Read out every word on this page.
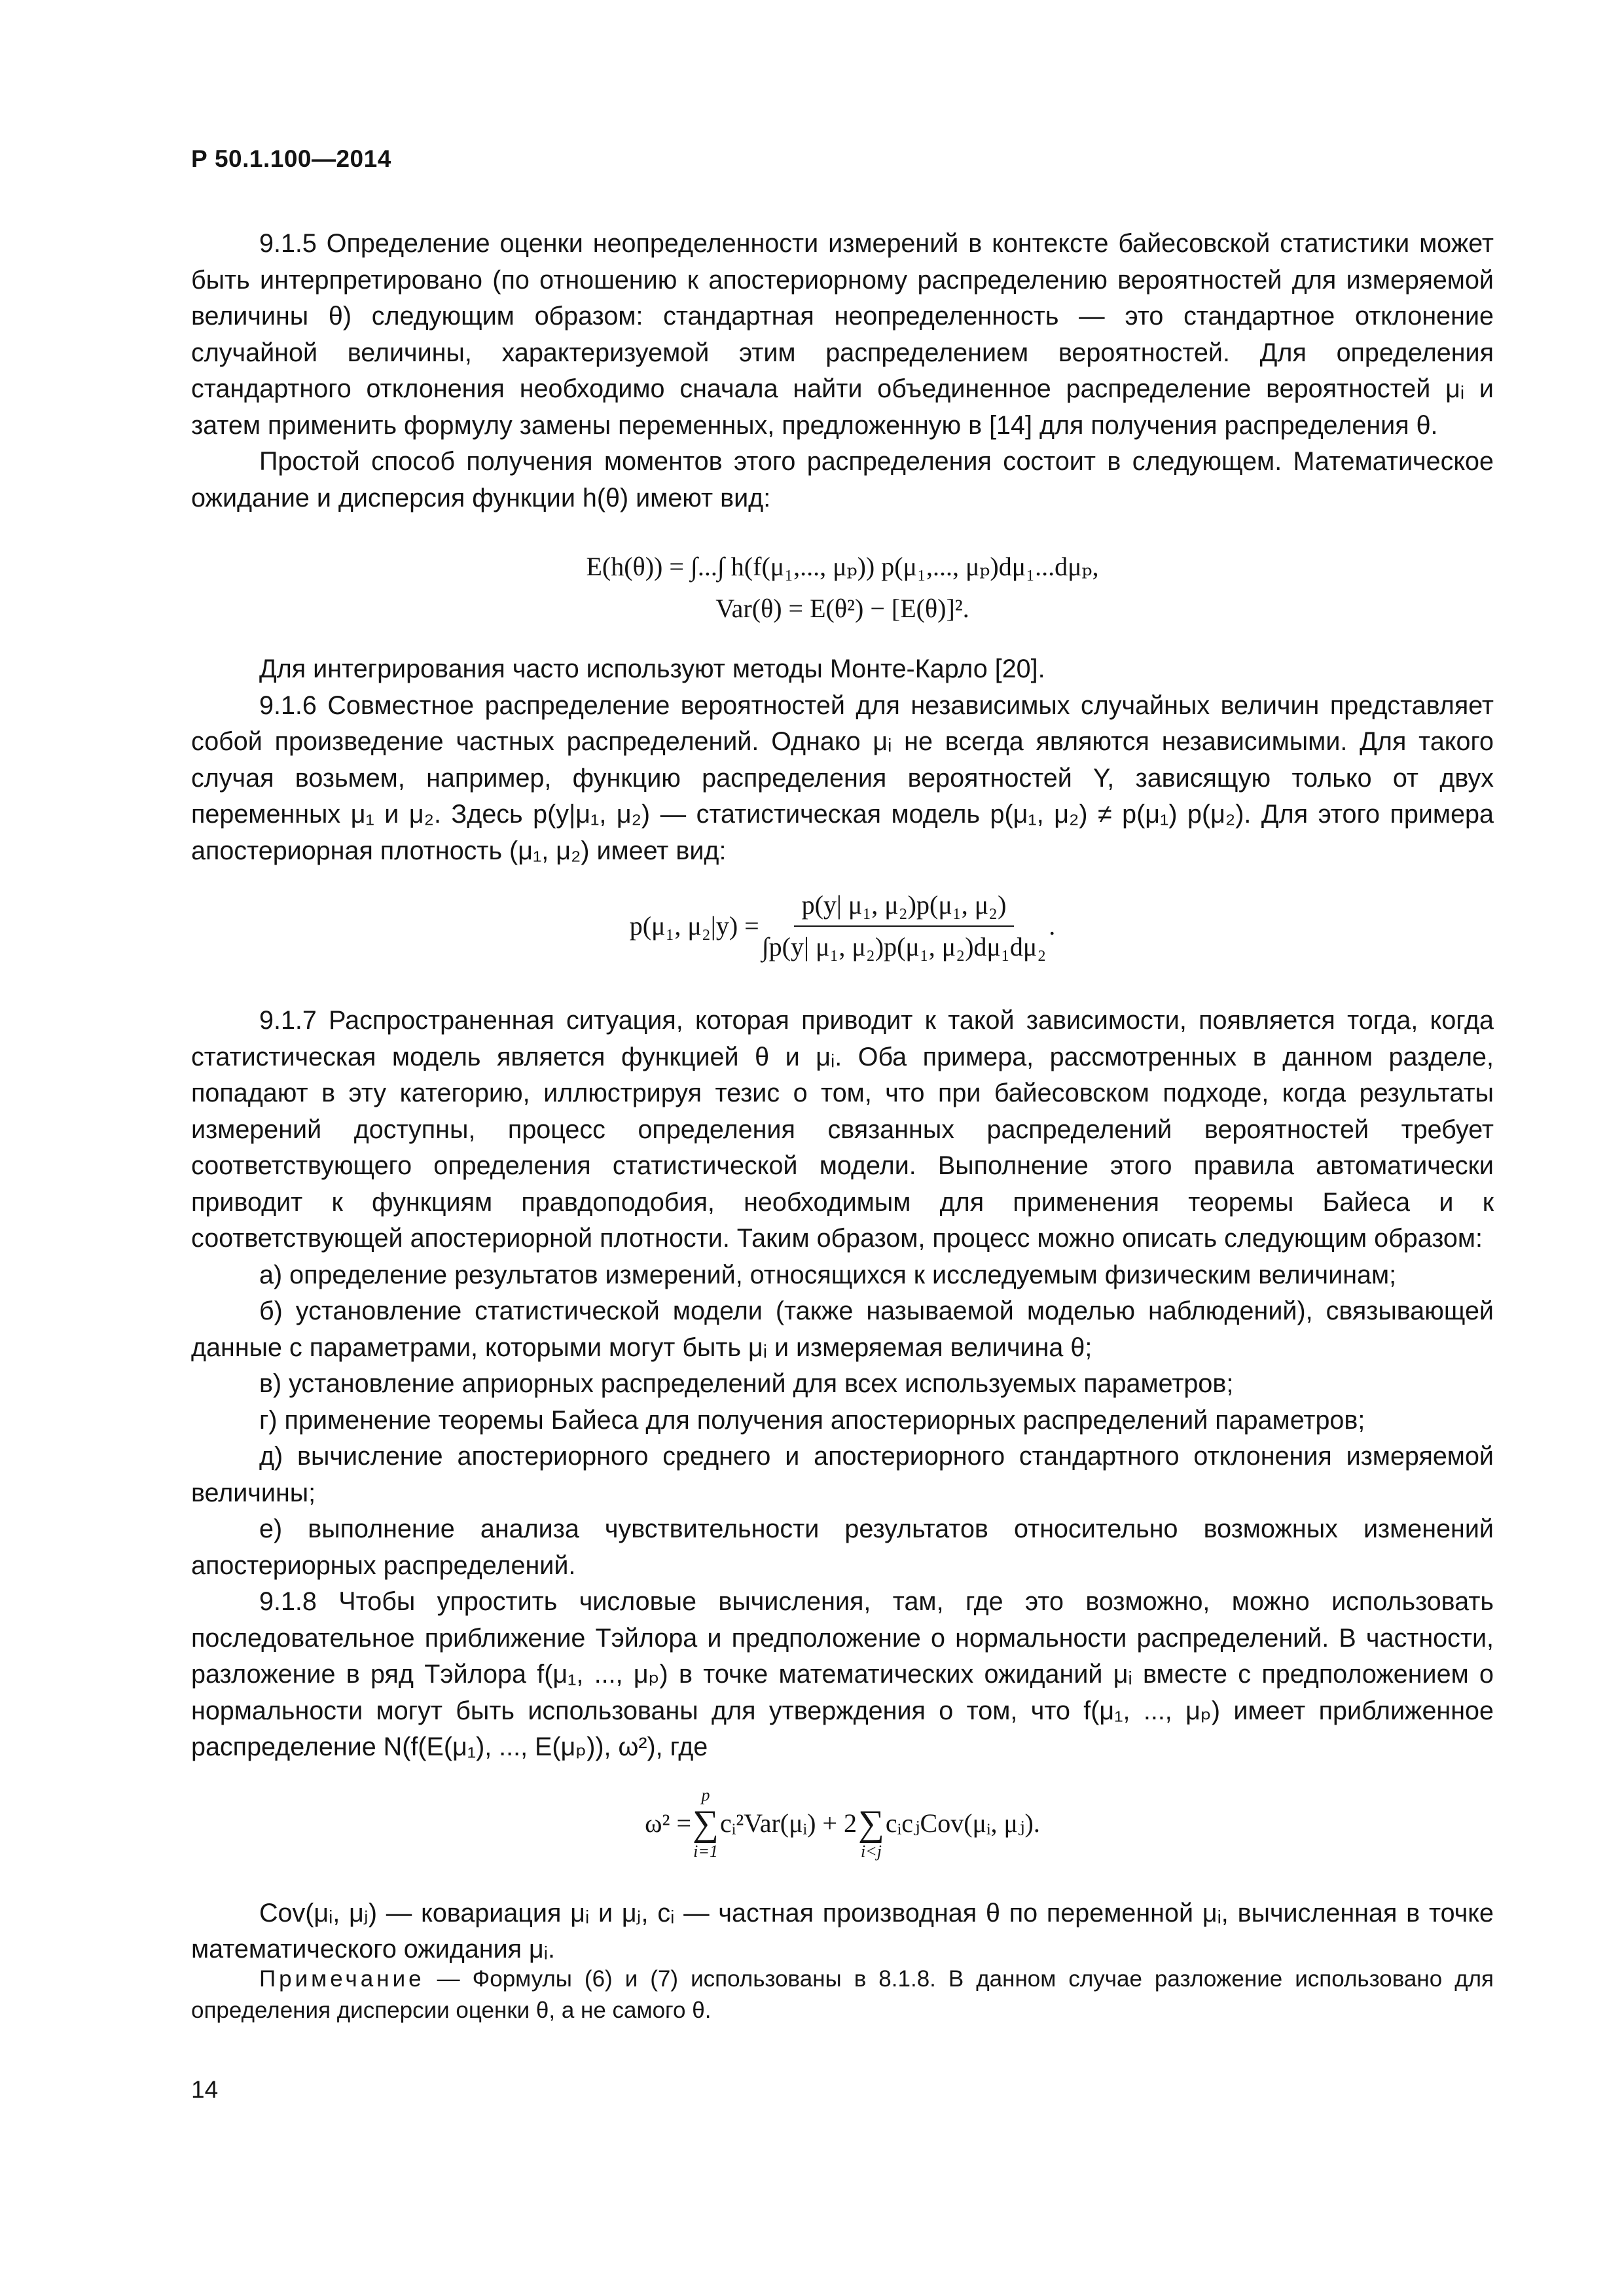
Р 50.1.100—2014

9.1.5 Определение оценки неопределенности измерений в контексте байесовской статистики может быть интерпретировано (по отношению к апостериорному распределению вероятностей для измеряемой величины θ) следующим образом: стандартная неопределенность — это стандартное отклонение случайной величины, характеризуемой этим распределением вероятностей. Для определения стандартного отклонения необходимо сначала найти объединенное распределение вероятностей μᵢ и затем применить формулу замены переменных, предложенную в [14] для получения распределения θ.

Простой способ получения моментов этого распределения состоит в следующем. Математическое ожидание и дисперсия функции h(θ) имеют вид:

E(h(θ)) = ∫...∫ h(f(μ₁,..., μₚ)) p(μ₁,..., μₚ)dμ₁...dμₚ,

Var(θ) = E(θ²) − [E(θ)]².

Для интегрирования часто используют методы Монте-Карло [20].

9.1.6 Совместное распределение вероятностей для независимых случайных величин представляет собой произведение частных распределений. Однако μᵢ не всегда являются независимыми. Для такого случая возьмем, например, функцию распределения вероятностей Y, зависящую только от двух переменных μ₁ и μ₂. Здесь p(y|μ₁, μ₂) — статистическая модель p(μ₁, μ₂) ≠ p(μ₁) p(μ₂). Для этого примера апостериорная плотность (μ₁, μ₂) имеет вид:

p(μ₁, $\mu_2|y) = \frac{\text{p(y| μ₁, μ₂)p(μ₁, μ₂)}}{\text{∫p(y| μ₁, μ₂)p(μ₁, μ₂)dμ₁dμ₂}}$ .

9.1.7 Распространенная ситуация, которая приводит к такой зависимости, появляется тогда, когда статистическая модель является функцией θ и μᵢ. Оба примера, рассмотренных в данном разделе, попадают в эту категорию, иллюстрируя тезис о том, что при байесовском подходе, когда результаты измерений доступны, процесс определения связанных распределений вероятностей требует соответствующего определения статистической модели. Выполнение этого правила автоматически приводит к функциям правдоподобия, необходимым для применения теоремы Байеса и к соответствующей апостериорной плотности. Таким образом, процесс можно описать следующим образом:

а) определение результатов измерений, относящихся к исследуемым физическим величинам;

б) установление статистической модели (также называемой моделью наблюдений), связывающей данные с параметрами, которыми могут быть μᵢ и измеряемая величина θ;

в) установление априорных распределений для всех используемых параметров;

г) применение теоремы Байеса для получения апостериорных распределений параметров;

д) вычисление апостериорного среднего и апостериорного стандартного отклонения измеряемой величины;

е) выполнение анализа чувствительности результатов относительно возможных изменений апостериорных распределений.

9.1.8 Чтобы упростить числовые вычисления, там, где это возможно, можно использовать последовательное приближение Тэйлора и предположение о нормальности распределений. В частности, разложение в ряд Тэйлора f(μ₁, ..., μₚ) в точке математических ожиданий μᵢ вместе с предположением о нормальности могут быть использованы для утверждения о том, что f(μ₁, ..., μₚ) имеет приближенное распределение N(f(E(μ₁), ..., E(μₚ)), ω²), где

ω² =
p
∑
i=1
cᵢ²Var(μᵢ) + 2
∑
i<j
cᵢcⱼCov(μᵢ, μⱼ).

Cov(μᵢ, μⱼ) — ковариация μᵢ и μⱼ, cᵢ — частная производная θ по переменной μᵢ, вычисленная в точке математического ожидания μᵢ.

Примечание — Формулы (6) и (7) использованы в 8.1.8. В данном случае разложение использовано для определения дисперсии оценки θ, а не самого θ.
14
